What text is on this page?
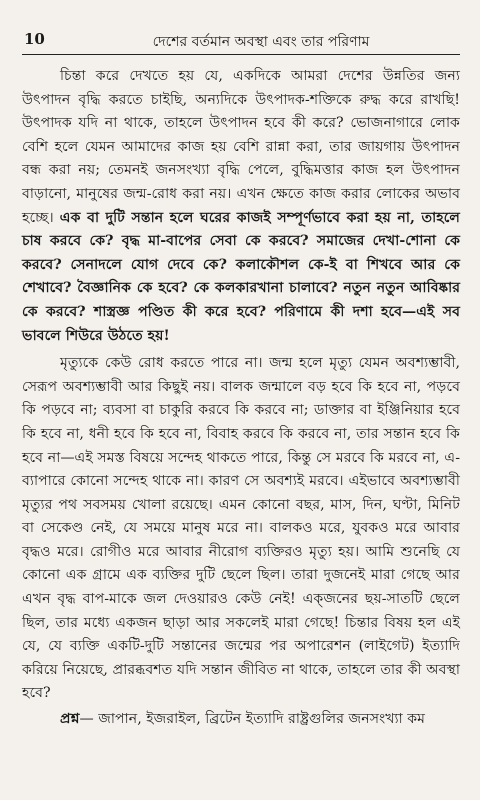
10	দেশের বর্তমান অবস্থা এবং তার পরিণাম

চিন্তা করে দেখতে হয় যে, একদিকে আমরা দেশের উন্নতির জন্য উৎপাদন বৃদ্ধি করতে চাইছি, অন্যদিকে উৎপাদক-শক্তিকে রুদ্ধ করে রাখছি! উৎপাদক যদি না থাকে, তাহলে উৎপাদন হবে কী করে? ভোজনাগারে লোক বেশি হলে যেমন আমাদের কাজ হয় বেশি রান্না করা, তার জায়গায় উৎপাদন বন্ধ করা নয়; তেমনই জনসংখ্যা বৃদ্ধি পেলে, বুদ্ধিমত্তার কাজ হল উৎপাদন বাড়ানো, মানুষের জন্ম-রোধ করা নয়। এখন ক্ষেতে কাজ করার লোকের অভাব হচ্ছে। এক বা দুটি সন্তান হলে ঘরের কাজই সম্পূর্ণভাবে করা হয় না, তাহলে চাষ করবে কে? বৃদ্ধ মা-বাপের সেবা কে করবে? সমাজের দেখা-শোনা কে করবে? সেনাদলে যোগ দেবে কে? কলাকৌশল কে-ই বা শিখবে আর কে শেখাবে? বৈজ্ঞানিক কে হবে? কে কলকারখানা চালাবে? নতুন নতুন আবিষ্কার কে করবে? শাস্ত্রজ্ঞ পণ্ডিত কী করে হবে? পরিণামে কী দশা হবে—এই সব ভাবলে শিউরে উঠতে হয়!

মৃত্যুকে কেউ রোধ করতে পারে না। জন্ম হলে মৃত্যু যেমন অবশ্যম্ভাবী, সেরূপ অবশ্যম্ভাবী আর কিছুই নয়। বালক জন্মালে বড় হবে কি হবে না, পড়বে কি পড়বে না; ব্যবসা বা চাকুরি করবে কি করবে না; ডাক্তার বা ইঞ্জিনিয়ার হবে কি হবে না, ধনী হবে কি হবে না, বিবাহ করবে কি করবে না, তার সন্তান হবে কি হবে না—এই সমস্ত বিষয়ে সন্দেহ থাকতে পারে, কিন্তু সে মরবে কি মরবে না, এ-ব্যাপারে কোনো সন্দেহ থাকে না। কারণ সে অবশ্যই মরবে। এইভাবে অবশ্যম্ভাবী মৃত্যুর পথ সবসময় খোলা রয়েছে। এমন কোনো বছর, মাস, দিন, ঘণ্টা, মিনিট বা সেকেণ্ড নেই, যে সময়ে মানুষ মরে না। বালকও মরে, যুবকও মরে আবার বৃদ্ধও মরে। রোগীও মরে আবার নীরোগ ব্যক্তিরও মৃত্যু হয়। আমি শুনেছি যে কোনো এক গ্রামে এক ব্যক্তির দুটি ছেলে ছিল। তারা দুজনেই মারা গেছে আর এখন বৃদ্ধ বাপ-মাকে জল দেওয়ারও কেউ নেই! এক্জনের ছয়-সাতটি ছেলে ছিল, তার মধ্যে একজন ছাড়া আর সকলেই মারা গেছে! চিন্তার বিষয় হল এই যে, যে ব্যক্তি একটি-দুটি সন্তানের জন্মের পর অপারেশন (লাইগেট) ইত্যাদি করিয়ে নিয়েছে, প্রারব্ধবশত যদি সন্তান জীবিত না থাকে, তাহলে তার কী অবস্থা হবে?

প্রশ্ন— জাপান, ইজরাইল, ব্রিটেন ইত্যাদি রাষ্ট্রগুলির জনসংখ্যা কম
